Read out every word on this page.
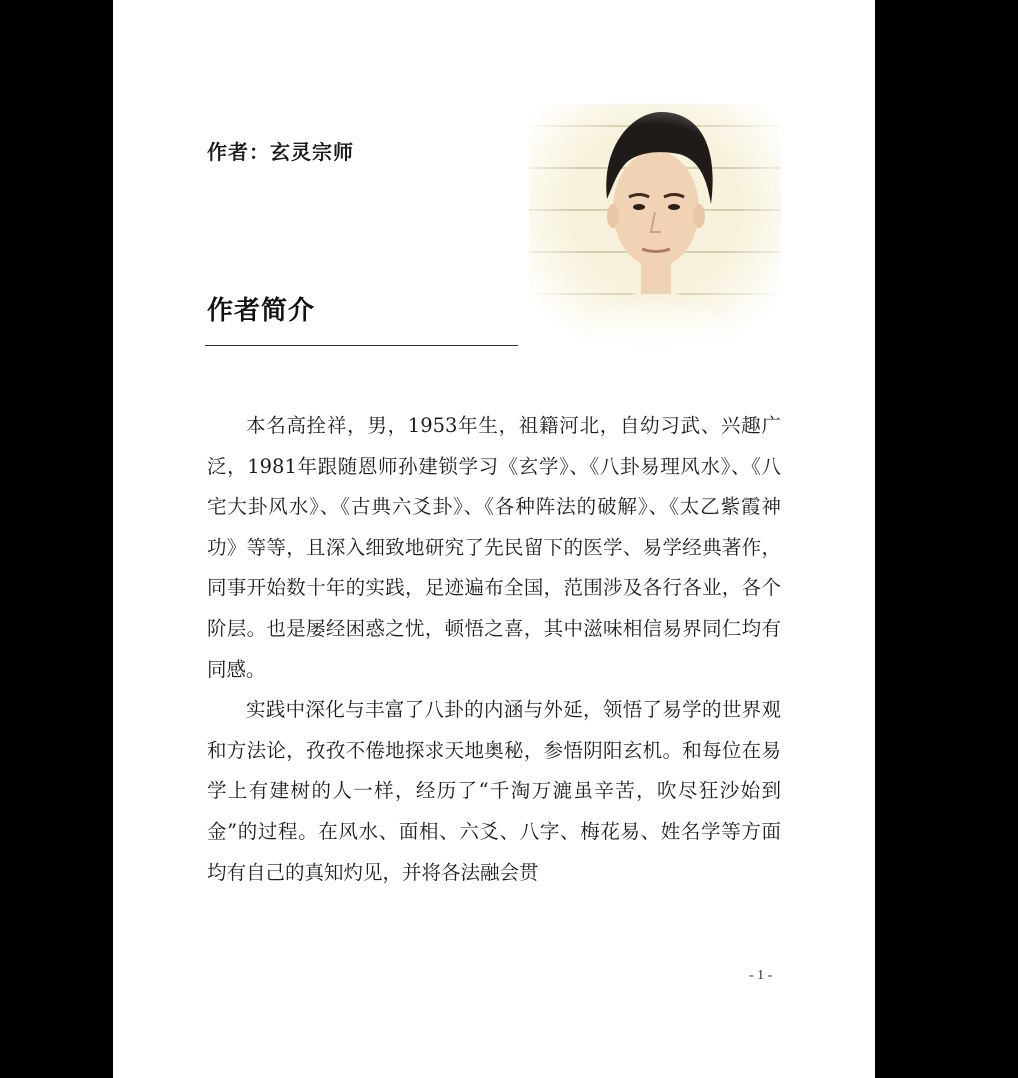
作者：玄灵宗师
作者简介

本名高拴祥，男，1953年生，祖籍河北，自幼习武、兴趣广泛，1981年跟随恩师孙建锁学习《玄学》、《八卦易理风水》、《八宅大卦风水》、《古典六爻卦》、《各种阵法的破解》、《太乙紫霞神功》等等，且深入细致地研究了先民留下的医学、易学经典著作，同事开始数十年的实践，足迹遍布全国，范围涉及各行各业，各个阶层。也是屡经困惑之忧，顿悟之喜，其中滋味相信易界同仁均有同感。

实践中深化与丰富了八卦的内涵与外延，领悟了易学的世界观和方法论，孜孜不倦地探求天地奥秘，参悟阴阳玄机。和每位在易学上有建树的人一样，经历了“千淘万漉虽辛苦，吹尽狂沙始到金”的过程。在风水、面相、六爻、八字、梅花易、姓名学等方面均有自己的真知灼见，并将各法融会贯

- 1 -
